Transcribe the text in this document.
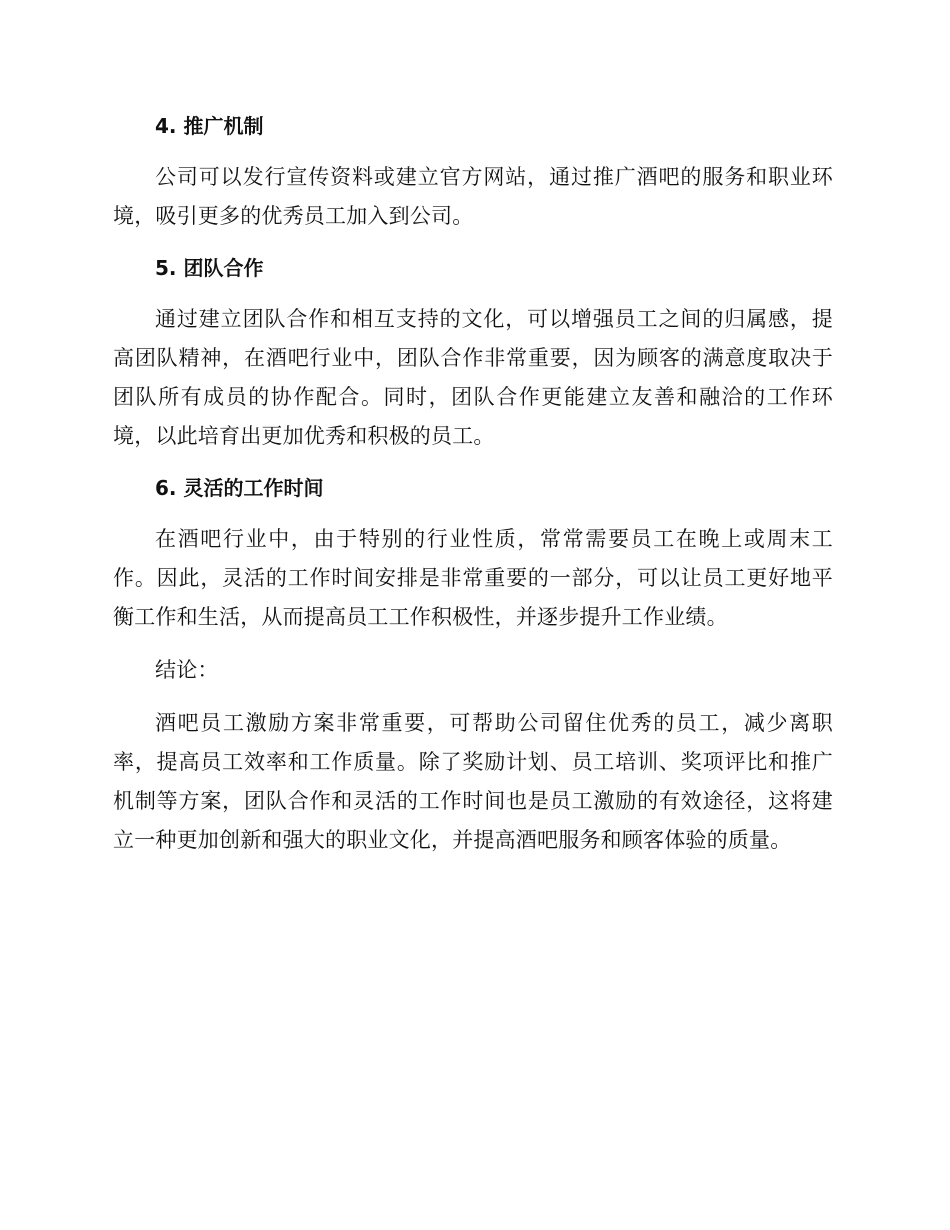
4. 推广机制

公司可以发行宣传资料或建立官方网站，通过推广酒吧的服务和职业环境，吸引更多的优秀员工加入到公司。

5. 团队合作

通过建立团队合作和相互支持的文化，可以增强员工之间的归属感，提高团队精神，在酒吧行业中，团队合作非常重要，因为顾客的满意度取决于团队所有成员的协作配合。同时，团队合作更能建立友善和融洽的工作环境，以此培育出更加优秀和积极的员工。

6. 灵活的工作时间

在酒吧行业中，由于特别的行业性质，常常需要员工在晚上或周末工作。因此，灵活的工作时间安排是非常重要的一部分，可以让员工更好地平衡工作和生活，从而提高员工工作积极性，并逐步提升工作业绩。

结论：

酒吧员工激励方案非常重要，可帮助公司留住优秀的员工，减少离职率，提高员工效率和工作质量。除了奖励计划、员工培训、奖项评比和推广机制等方案，团队合作和灵活的工作时间也是员工激励的有效途径，这将建立一种更加创新和强大的职业文化，并提高酒吧服务和顾客体验的质量。
